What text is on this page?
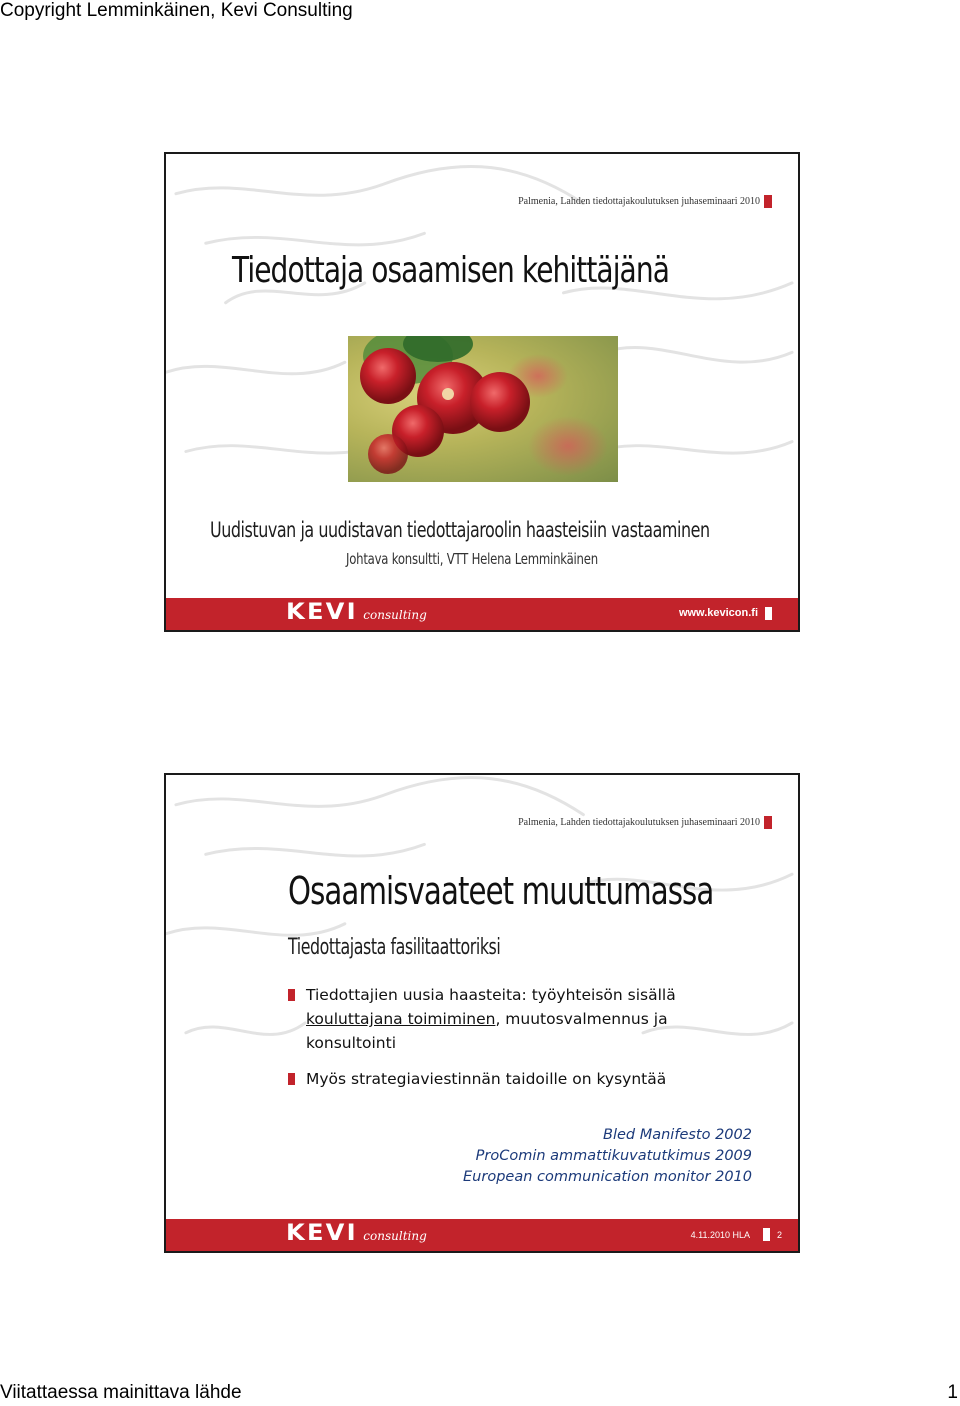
Copyright Lemminkäinen, Kevi Consulting
Palmenia, Lahden tiedottajakoulutuksen juhaseminaari 2010
Tiedottaja osaamisen kehittäjänä
Uudistuvan ja uudistavan tiedottajaroolin haasteisiin vastaaminen
Johtava konsultti, VTT Helena Lemminkäinen
KEVI consulting	www.kevicon.fi
Palmenia, Lahden tiedottajakoulutuksen juhaseminaari 2010
Osaamisvaateet muuttumassa
Tiedottajasta fasilitaattoriksi
Tiedottajien uusia haasteita: työyhteisön sisällä kouluttajana toimiminen, muutosvalmennus ja konsultointi
Myös strategiaviestinnän taidoille on kysyntää
Bled Manifesto 2002
ProComin ammattikuvatutkimus 2009
European communication monitor 2010
KEVI consulting	4.11.2010 HLA	2
Viitattaessa mainittava lähde	1
